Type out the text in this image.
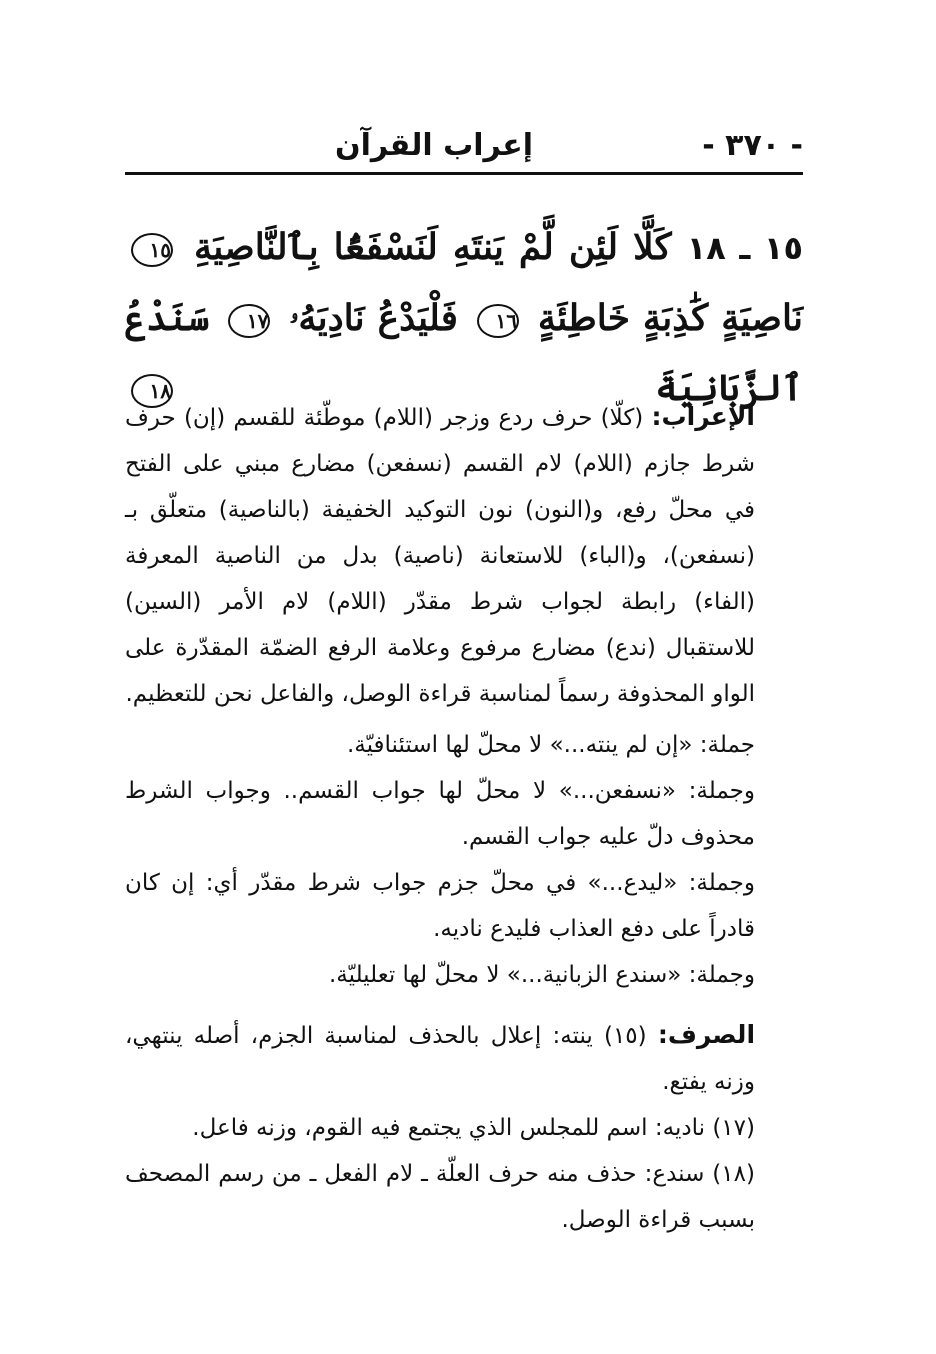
- ٣٧٠ -
إعراب القرآن
١٥ ـ ١٨ كَلَّا لَئِن لَّمْ يَنتَهِ لَنَسْفَعًۢا بِٱلنَّاصِيَةِ ١٥ نَاصِيَةٍ كَٰذِبَةٍ خَاطِئَةٍ ١٦ فَلْيَدْعُ نَادِيَهُۥ ١٧ سَنَدْعُ ٱلزَّبَانِيَةَ ١٨

الإعراب: (كلّا) حرف ردع وزجر (اللام) موطّئة للقسم (إن) حرف شرط جازم (اللام) لام القسم (نسفعن) مضارع مبني على الفتح في محلّ رفع، و(النون) نون التوكيد الخفيفة (بالناصية) متعلّق بـ (نسفعن)، و(الباء) للاستعانة (ناصية) بدل من الناصية المعرفة (الفاء) رابطة لجواب شرط مقدّر (اللام) لام الأمر (السين) للاستقبال (ندع) مضارع مرفوع وعلامة الرفع الضمّة المقدّرة على الواو المحذوفة رسماً لمناسبة قراءة الوصل، والفاعل نحن للتعظيم.

جملة: «إن لم ينته...» لا محلّ لها استئنافيّة.

وجملة: «نسفعن...» لا محلّ لها جواب القسم.. وجواب الشرط محذوف دلّ عليه جواب القسم.

وجملة: «ليدع...» في محلّ جزم جواب شرط مقدّر أي: إن كان قادراً على دفع العذاب فليدع ناديه.

وجملة: «سندع الزبانية...» لا محلّ لها تعليليّة.

الصرف: (١٥) ينته: إعلال بالحذف لمناسبة الجزم، أصله ينتهي، وزنه يفتع.

(١٧) ناديه: اسم للمجلس الذي يجتمع فيه القوم، وزنه فاعل.

(١٨) سندع: حذف منه حرف العلّة ـ لام الفعل ـ من رسم المصحف بسبب قراءة الوصل.
